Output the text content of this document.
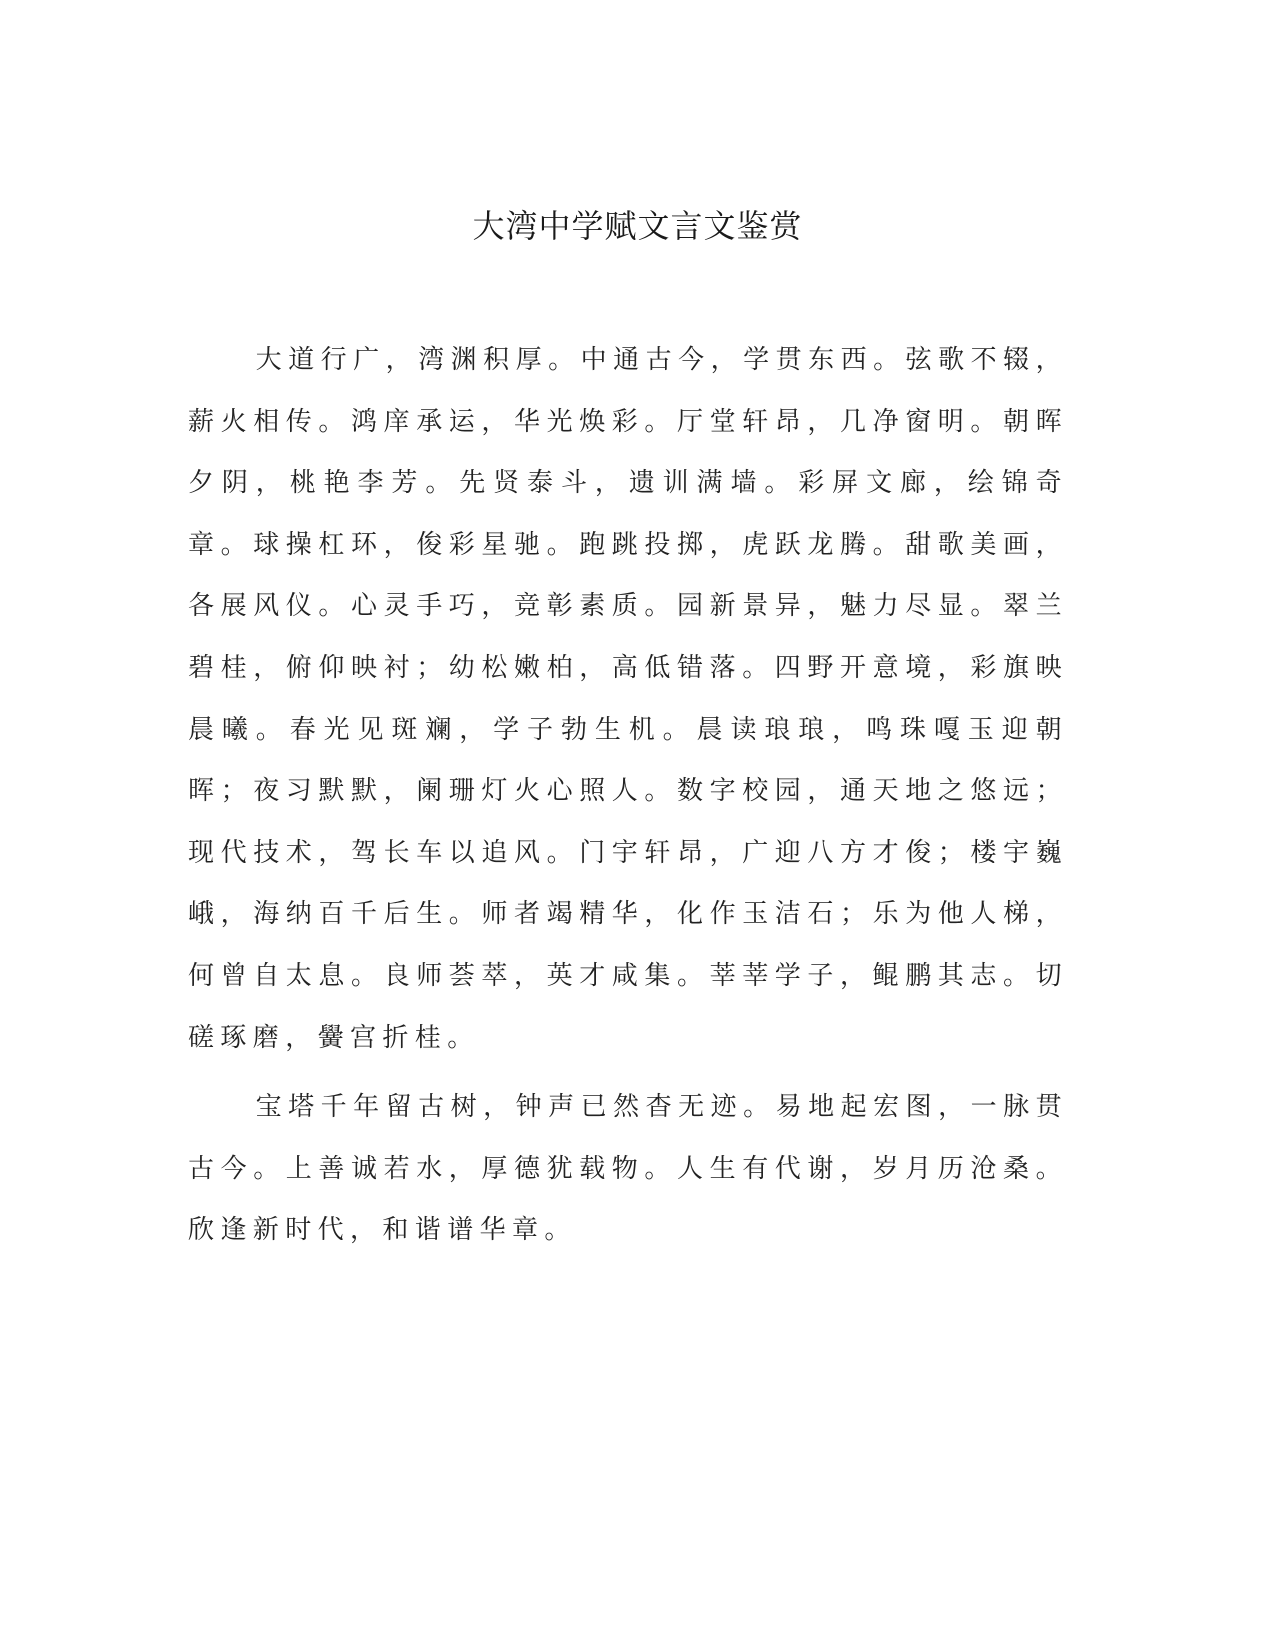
大湾中学赋文言文鉴赏

大道行广，湾渊积厚。中通古今，学贯东西。弦歌不辍，薪火相传。鸿庠承运，华光焕彩。厅堂轩昂，几净窗明。朝晖夕阴，桃艳李芳。先贤泰斗，遗训满墙。彩屏文廊，绘锦奇章。球操杠环，俊彩星驰。跑跳投掷，虎跃龙腾。甜歌美画，各展风仪。心灵手巧，竞彰素质。园新景异，魅力尽显。翠兰碧桂，俯仰映衬；幼松嫩柏，高低错落。四野开意境，彩旗映晨曦。春光见斑斓，学子勃生机。晨读琅琅，鸣珠嘎玉迎朝晖；夜习默默，阑珊灯火心照人。数字校园，通天地之悠远；现代技术，驾长车以追风。门宇轩昂，广迎八方才俊；楼宇巍峨，海纳百千后生。师者竭精华，化作玉洁石；乐为他人梯，何曾自太息。良师荟萃，英才咸集。莘莘学子，鲲鹏其志。切磋琢磨，黌宫折桂。

宝塔千年留古树，钟声已然杳无迹。易地起宏图，一脉贯古今。上善诚若水，厚德犹载物。人生有代谢，岁月历沧桑。欣逢新时代，和谐谱华章。
